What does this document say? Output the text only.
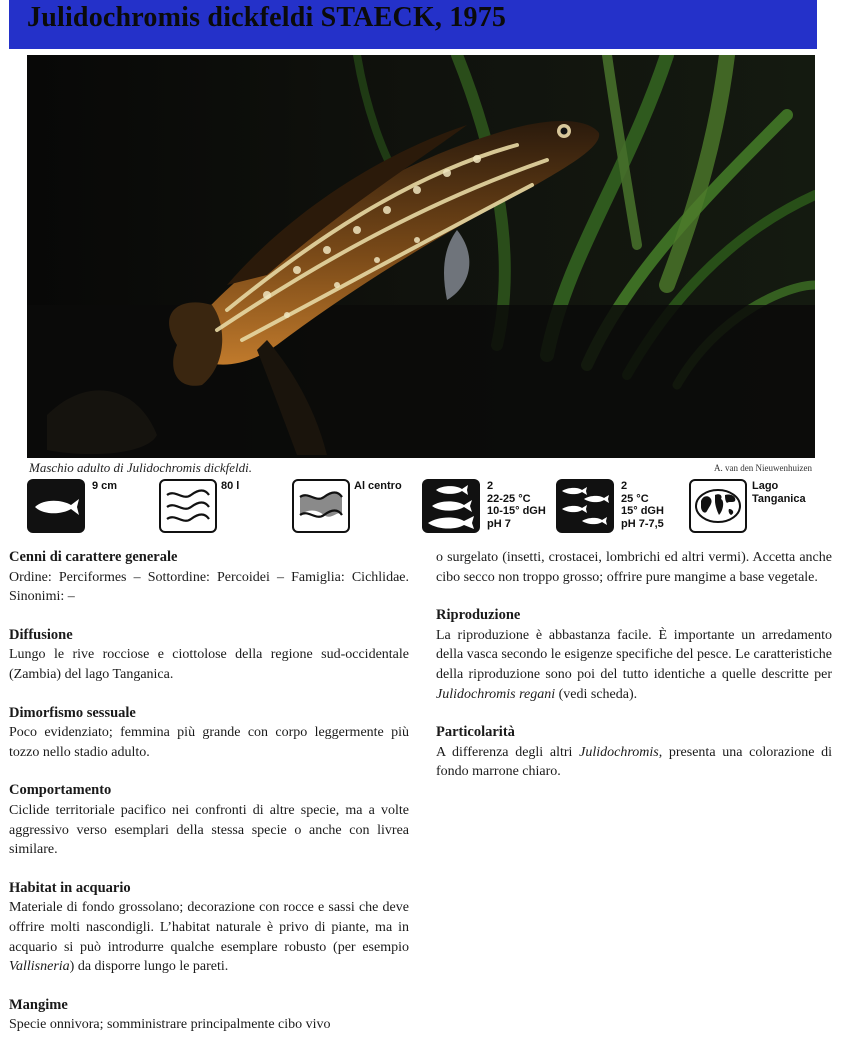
Julidochromis dickfeldi STAECK, 1975
Maschio adulto di Julidochromis dickfeldi.	A. van den Nieuwenhuizen
9 cm	80 l	Al centro	2
22-25 °C
10-15° dGH
pH 7
2
25 °C
15° dGH
pH 7-7,5
Lago
Tanganica
Cenni di carattere generale

Ordine: Perciformes – Sottordine: Percoidei – Famiglia: Cichlidae. Sinonimi: –

Diffusione

Lungo le rive rocciose e ciottolose della regione sud-occidentale (Zambia) del lago Tanganica.

Dimorfismo sessuale

Poco evidenziato; femmina più grande con corpo leggermente più tozzo nello stadio adulto.

Comportamento

Ciclide territoriale pacifico nei confronti di altre specie, ma a volte aggressivo verso esemplari della stessa specie o anche con livrea similare.

Habitat in acquario

Materiale di fondo grossolano; decorazione con rocce e sassi che deve offrire molti nascondigli. L’habitat naturale è privo di piante, ma in acquario si può introdurre qualche esemplare robusto (per esempio Vallisneria) da disporre lungo le pareti.

Mangime

Specie onnivora; somministrare principalmente cibo vivo

o surgelato (insetti, crostacei, lombrichi ed altri vermi). Accetta anche cibo secco non troppo grosso; offrire pure mangime a base vegetale.

Riproduzione

La riproduzione è abbastanza facile. È importante un arredamento della vasca secondo le esigenze specifiche del pesce. Le caratteristiche della riproduzione sono poi del tutto identiche a quelle descritte per Julidochromis regani (vedi scheda).

Particolarità

A differenza degli altri Julidochromis, presenta una colorazione di fondo marrone chiaro.
